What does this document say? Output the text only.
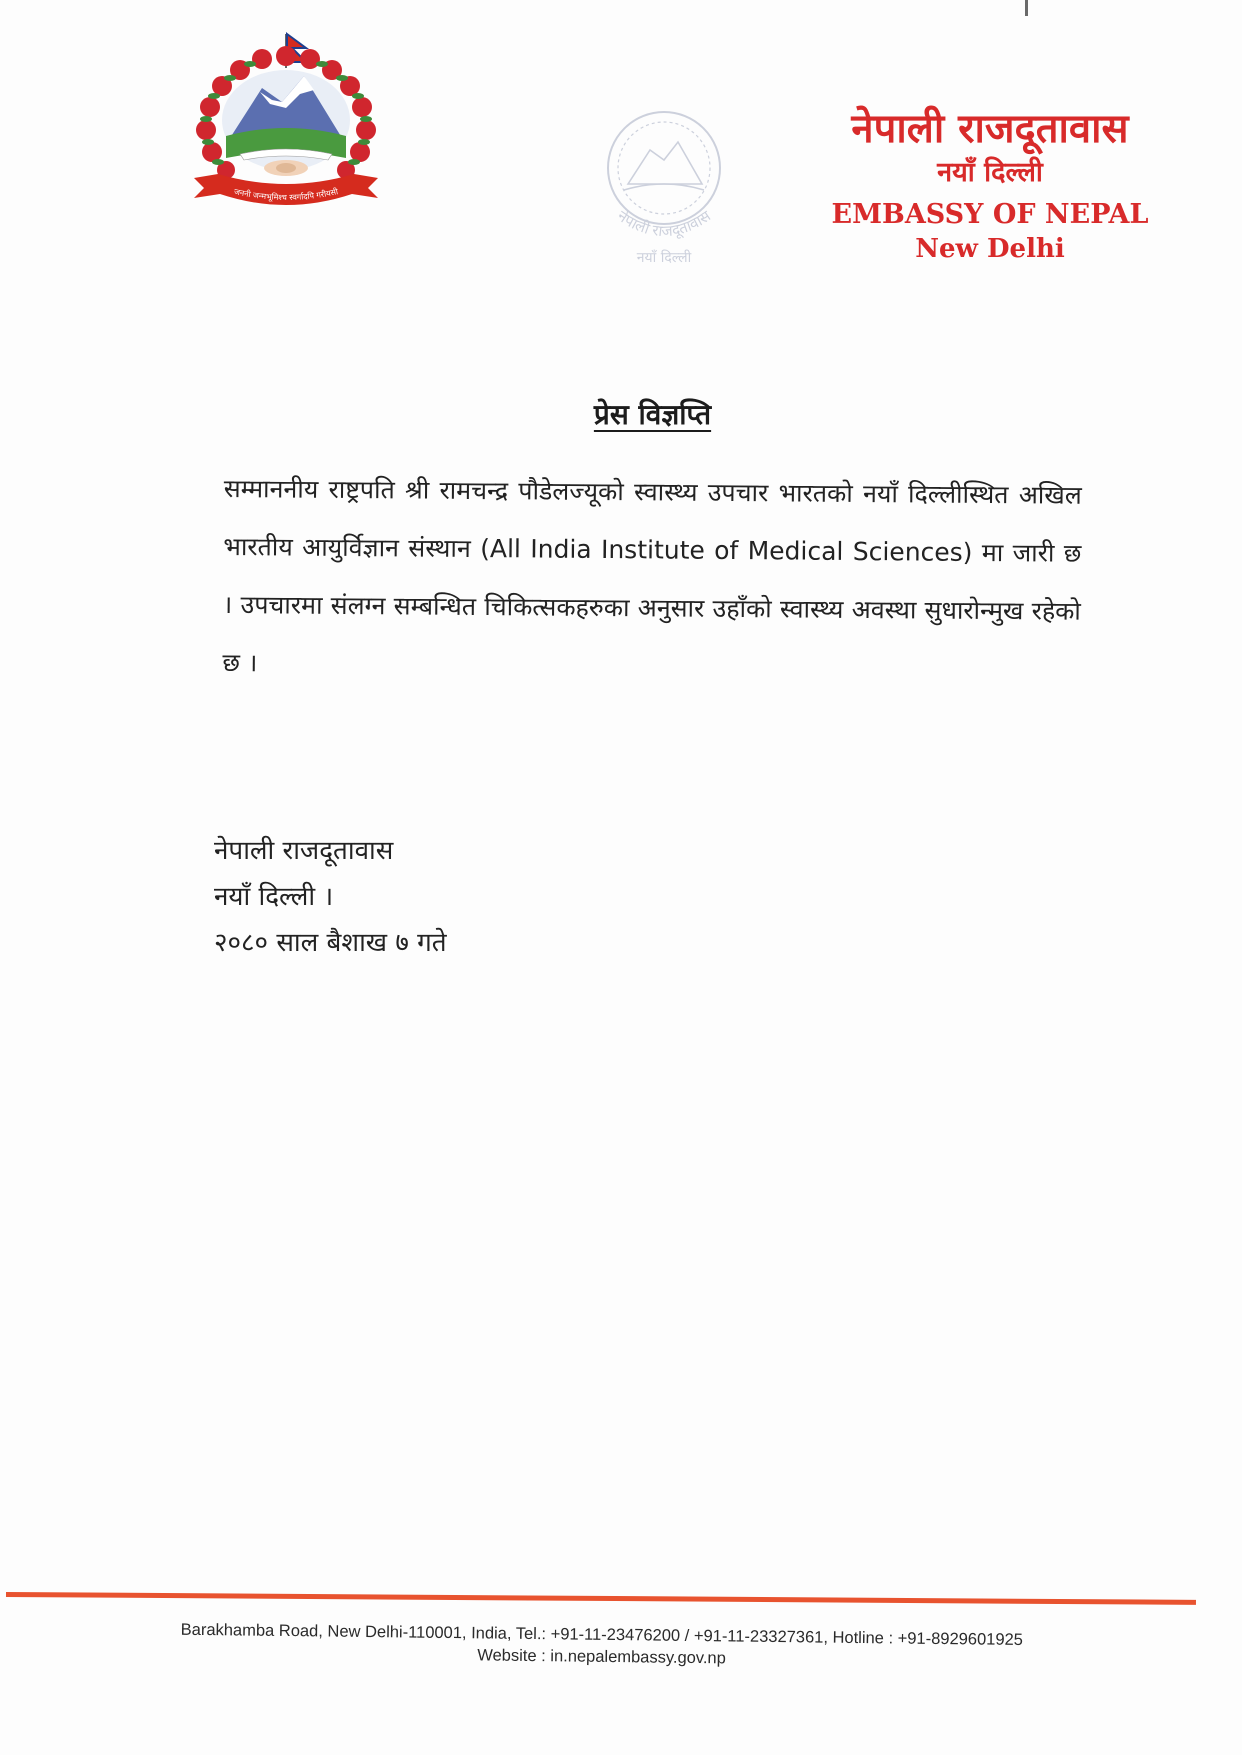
जननी जन्मभूमिश्च स्वर्गादपि गरीयसी
नेपाली राजदूतावास
नयाँ दिल्ली
नेपाली राजदूतावास
नयाँ दिल्ली
EMBASSY OF NEPAL
New Delhi
प्रेस विज्ञप्ति
सम्माननीय राष्ट्रपति श्री रामचन्द्र पौडेलज्यूको स्वास्थ्य उपचार भारतको नयाँ दिल्लीस्थित अखिल भारतीय आयुर्विज्ञान संस्थान (All India Institute of Medical Sciences) मा जारी छ । उपचारमा संलग्न सम्बन्धित चिकित्सकहरुका अनुसार उहाँको स्वास्थ्य अवस्था सुधारोन्मुख रहेको छ ।
नेपाली राजदूतावास
नयाँ दिल्ली ।
२०८० साल बैशाख ७ गते
Barakhamba Road, New Delhi-110001, India, Tel.: +91-11-23476200 / +91-11-23327361, Hotline : +91-8929601925
Website : in.nepalembassy.gov.np
